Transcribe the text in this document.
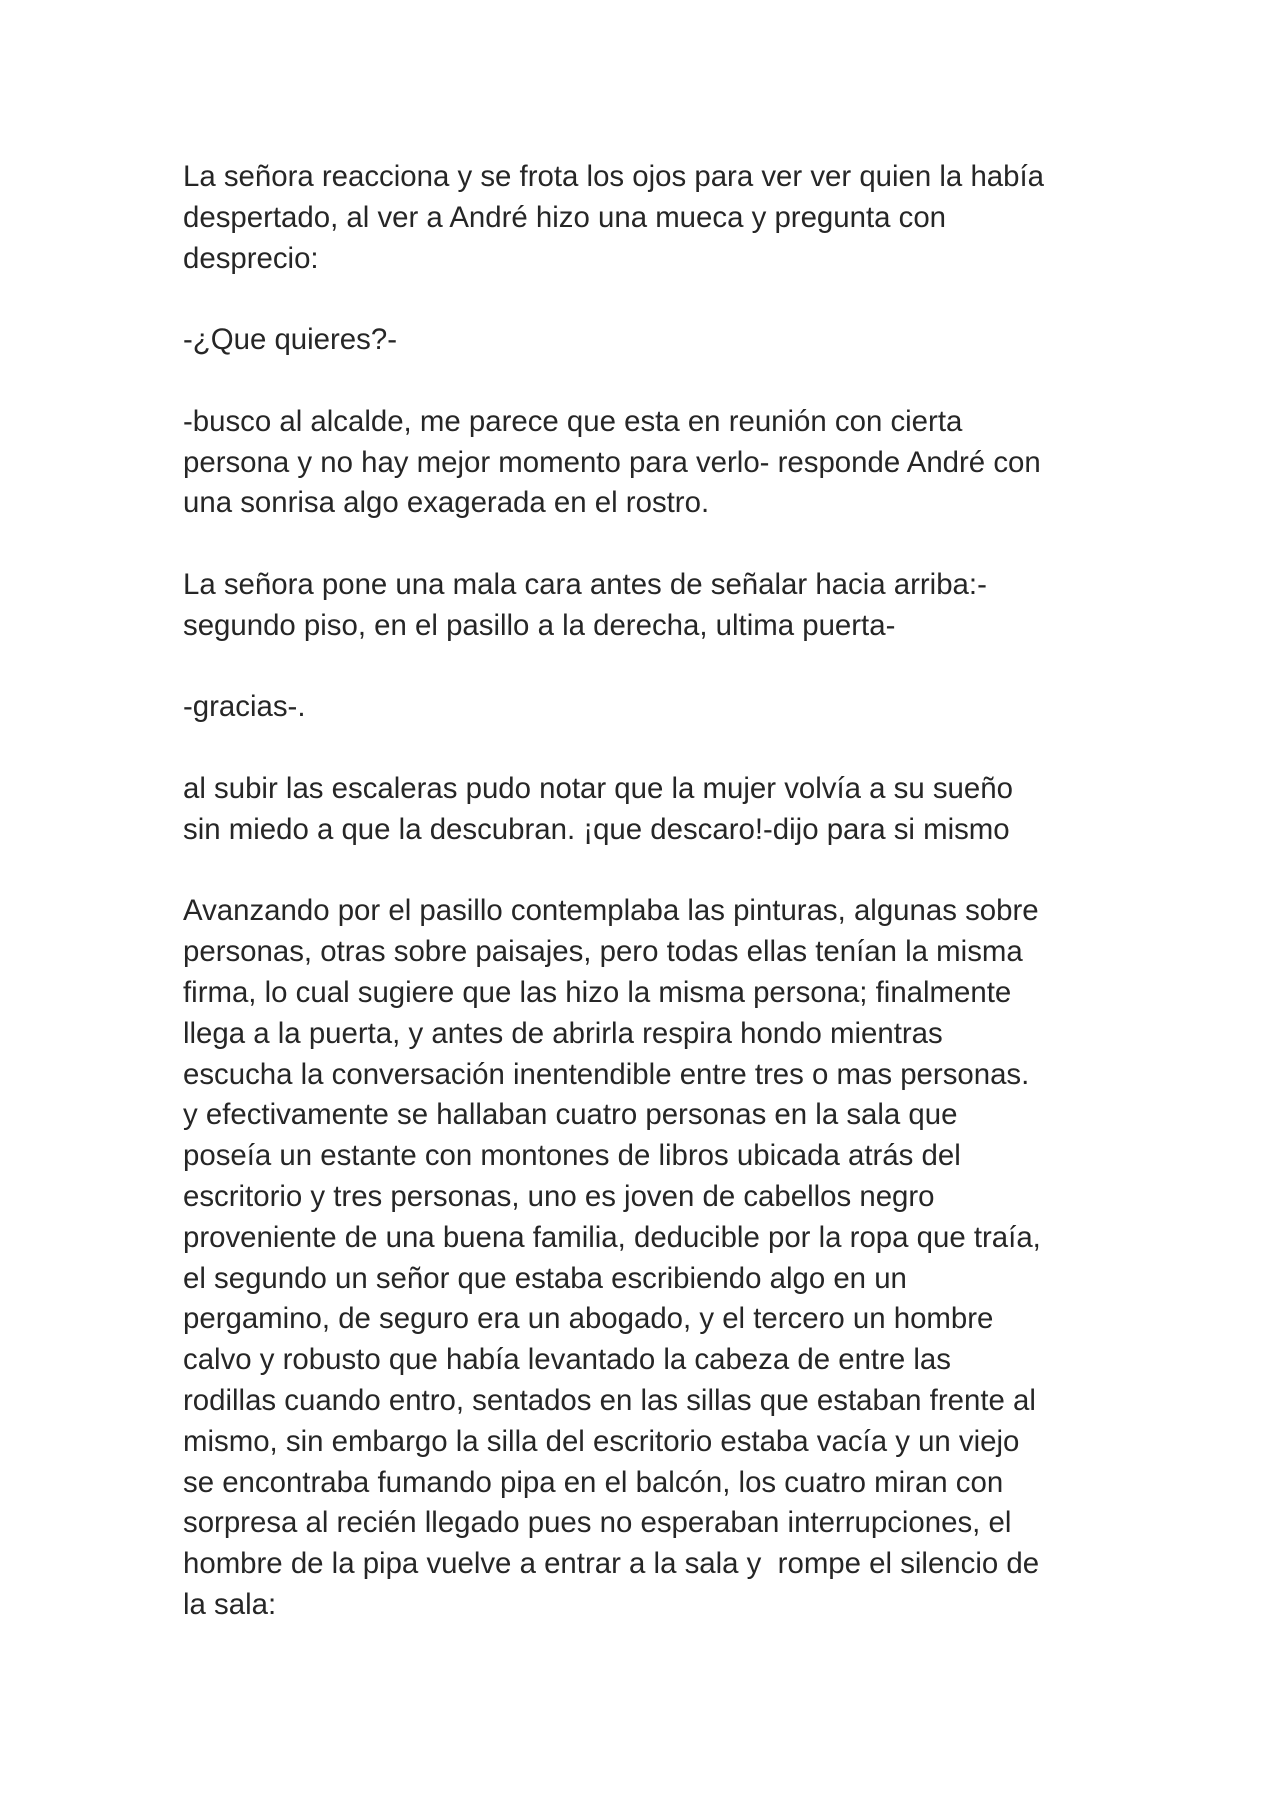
La señora reacciona y se frota los ojos para ver ver quien la había
despertado, al ver a André hizo una mueca y pregunta con
desprecio:

-¿Que quieres?-

-busco al alcalde, me parece que esta en reunión con cierta
persona y no hay mejor momento para verlo- responde André con
una sonrisa algo exagerada en el rostro.

La señora pone una mala cara antes de señalar hacia arriba:-
segundo piso, en el pasillo a la derecha, ultima puerta-

-gracias-.

al subir las escaleras pudo notar que la mujer volvía a su sueño
sin miedo a que la descubran. ¡que descaro!-dijo para si mismo

Avanzando por el pasillo contemplaba las pinturas, algunas sobre
personas, otras sobre paisajes, pero todas ellas tenían la misma
firma, lo cual sugiere que las hizo la misma persona; finalmente
llega a la puerta, y antes de abrirla respira hondo mientras
escucha la conversación inentendible entre tres o mas personas.
y efectivamente se hallaban cuatro personas en la sala que
poseía un estante con montones de libros ubicada atrás del
escritorio y tres personas, uno es joven de cabellos negro
proveniente de una buena familia, deducible por la ropa que traía,
el segundo un señor que estaba escribiendo algo en un
pergamino, de seguro era un abogado, y el tercero un hombre
calvo y robusto que había levantado la cabeza de entre las
rodillas cuando entro, sentados en las sillas que estaban frente al
mismo, sin embargo la silla del escritorio estaba vacía y un viejo
se encontraba fumando pipa en el balcón, los cuatro miran con
sorpresa al recién llegado pues no esperaban interrupciones, el
hombre de la pipa vuelve a entrar a la sala y  rompe el silencio de
la sala:
